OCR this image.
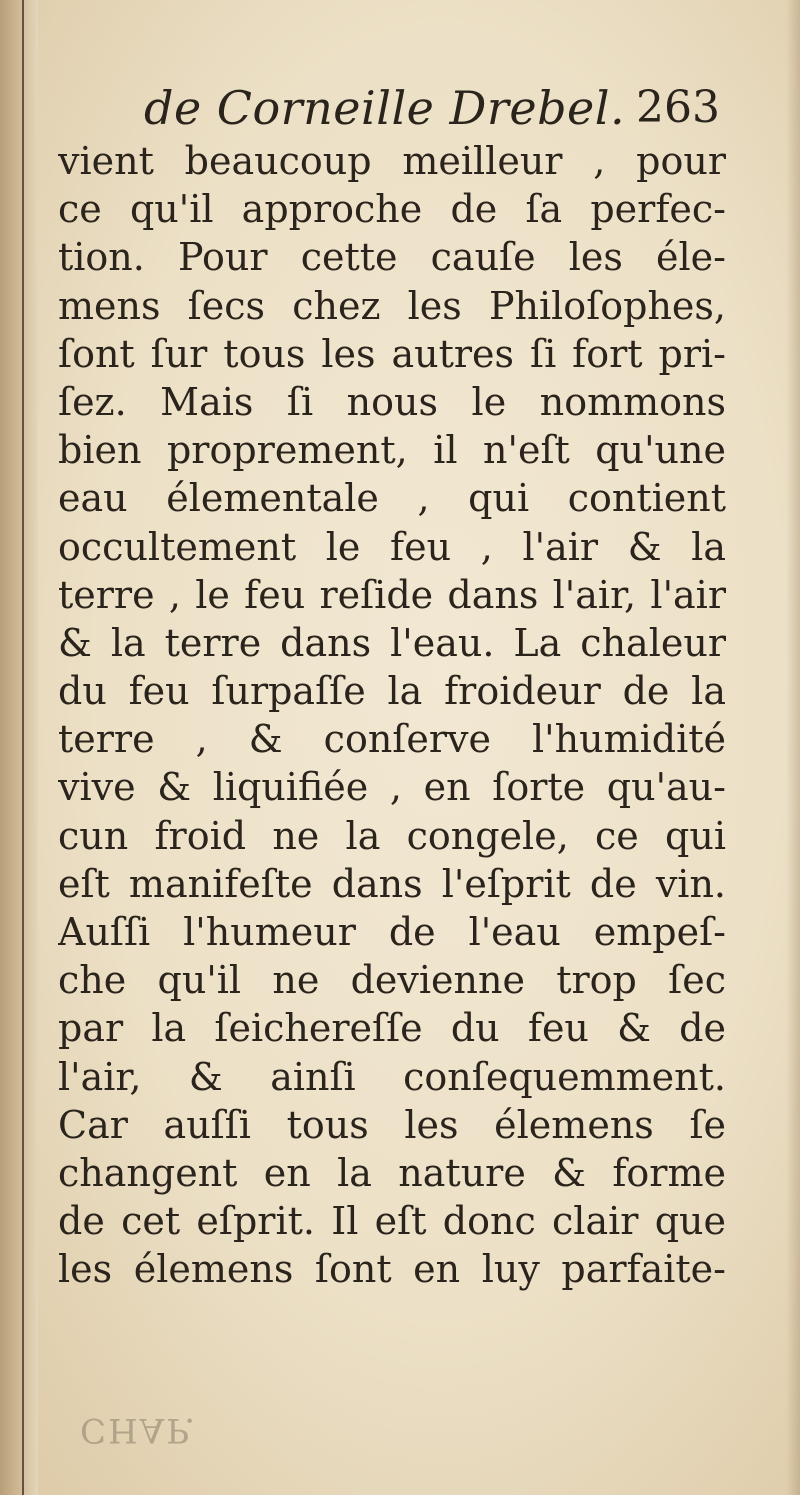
de Corneille Drebel. 263
vient beaucoup meilleur , pour
ce qu'il approche de ſa perfec-
tion. Pour cette cauſe les éle-
mens ſecs chez les Philoſophes,
ſont ſur tous les autres ſi fort pri-
ſez. Mais ſi nous le nommons
bien proprement, il n'eſt qu'une
eau élementale , qui contient
occultement le feu , l'air & la
terre , le feu reſide dans l'air, l'air
& la terre dans l'eau. La chaleur
du feu ſurpaſſe la froideur de la
terre , & conſerve l'humidité
vive & liquifiée , en ſorte qu'au-
cun froid ne la congele, ce qui
eſt manifeſte dans l'eſprit de vin.
Auſſi l'humeur de l'eau empeſ-
che qu'il ne devienne trop ſec
par la ſeichereſſe du feu & de
l'air, & ainſi conſequemment.
Car auſſi tous les élemens ſe
changent en la nature & forme
de cet eſprit. Il eſt donc clair que
les élemens ſont en luy parfaite-
CHAP.
